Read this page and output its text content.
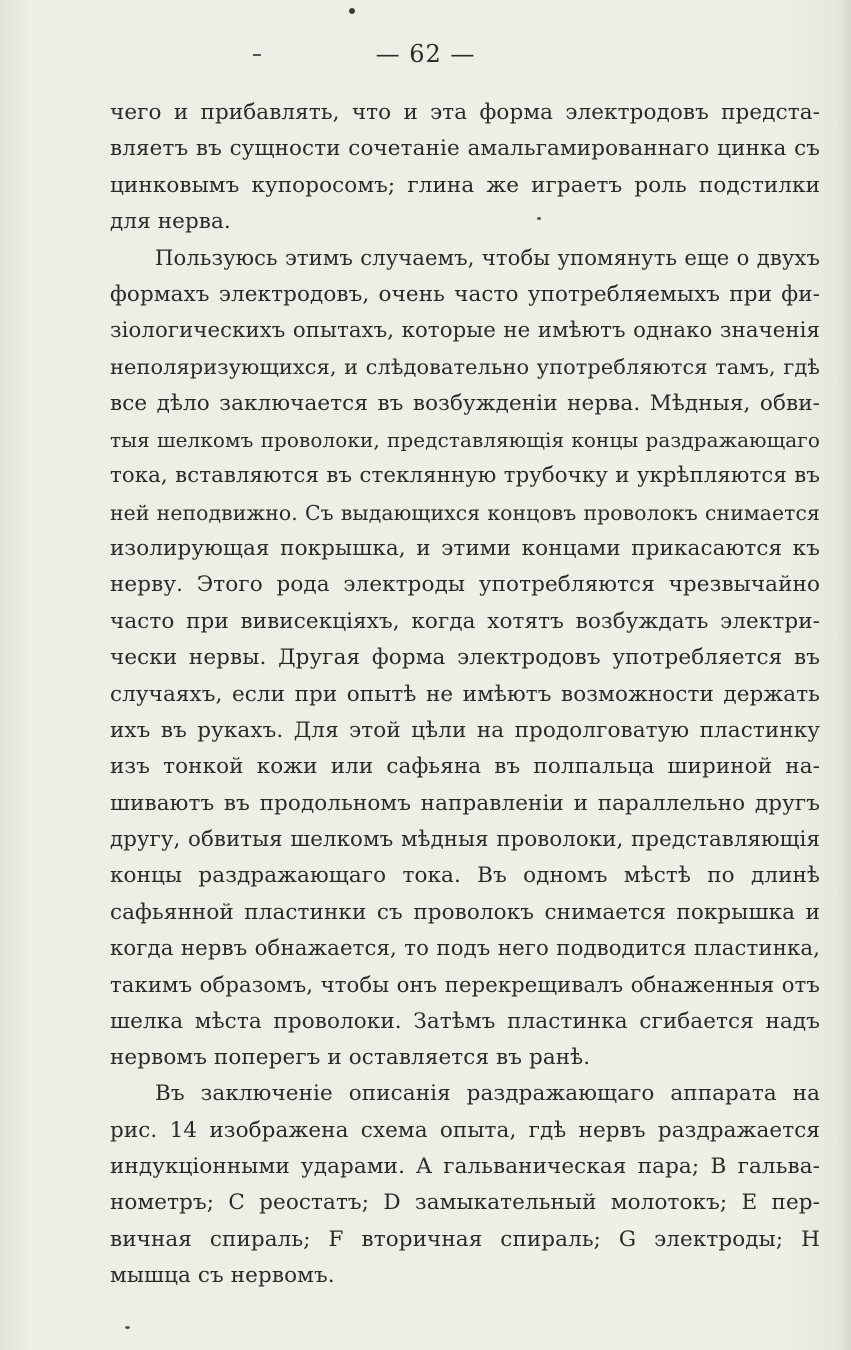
— 62 —
чего и прибавлять, что и эта форма электродовъ предста-
вляетъ въ сущности сочетаніе амальгамированнаго цинка съ
цинковымъ купоросомъ; глина же играетъ роль подстилки
для нерва.
Пользуюсь этимъ случаемъ, чтобы упомянуть еще о двухъ
формахъ электродовъ, очень часто употребляемыхъ при фи-
зіологическихъ опытахъ, которые не имѣютъ однако значенія
неполяризующихся, и слѣдовательно употребляются тамъ, гдѣ
все дѣло заключается въ возбужденіи нерва. Мѣдныя, обви-
тыя шелкомъ проволоки, представляющія концы раздражающаго
тока, вставляются въ стеклянную трубочку и укрѣпляются въ
ней неподвижно. Съ выдающихся концовъ проволокъ снимается
изолирующая покрышка, и этими концами прикасаются къ
нерву. Этого рода электроды употребляются чрезвычайно
часто при вивисекціяхъ, когда хотятъ возбуждать электри-
чески нервы. Другая форма электродовъ употребляется въ
случаяхъ, если при опытѣ не имѣютъ возможности держать
ихъ въ рукахъ. Для этой цѣли на продолговатую пластинку
изъ тонкой кожи или сафьяна въ полпальца шириной на-
шиваютъ въ продольномъ направленіи и параллельно другъ
другу, обвитыя шелкомъ мѣдныя проволоки, представляющія
концы раздражающаго тока. Въ одномъ мѣстѣ по длинѣ
сафьянной пластинки съ проволокъ снимается покрышка и
когда нервъ обнажается, то подъ него подводится пластинка,
такимъ образомъ, чтобы онъ перекрещивалъ обнаженныя отъ
шелка мѣста проволоки. Затѣмъ пластинка сгибается надъ
нервомъ поперегъ и оставляется въ ранѣ.
Въ заключеніе описанія раздражающаго аппарата на
рис. 14 изображена схема опыта, гдѣ нервъ раздражается
индукціонными ударами. A гальваническая пара; B гальва-
нометръ; C реостатъ; D замыкательный молотокъ; E пер-
вичная спираль; F вторичная спираль; G электроды; H
мышца съ нервомъ.
